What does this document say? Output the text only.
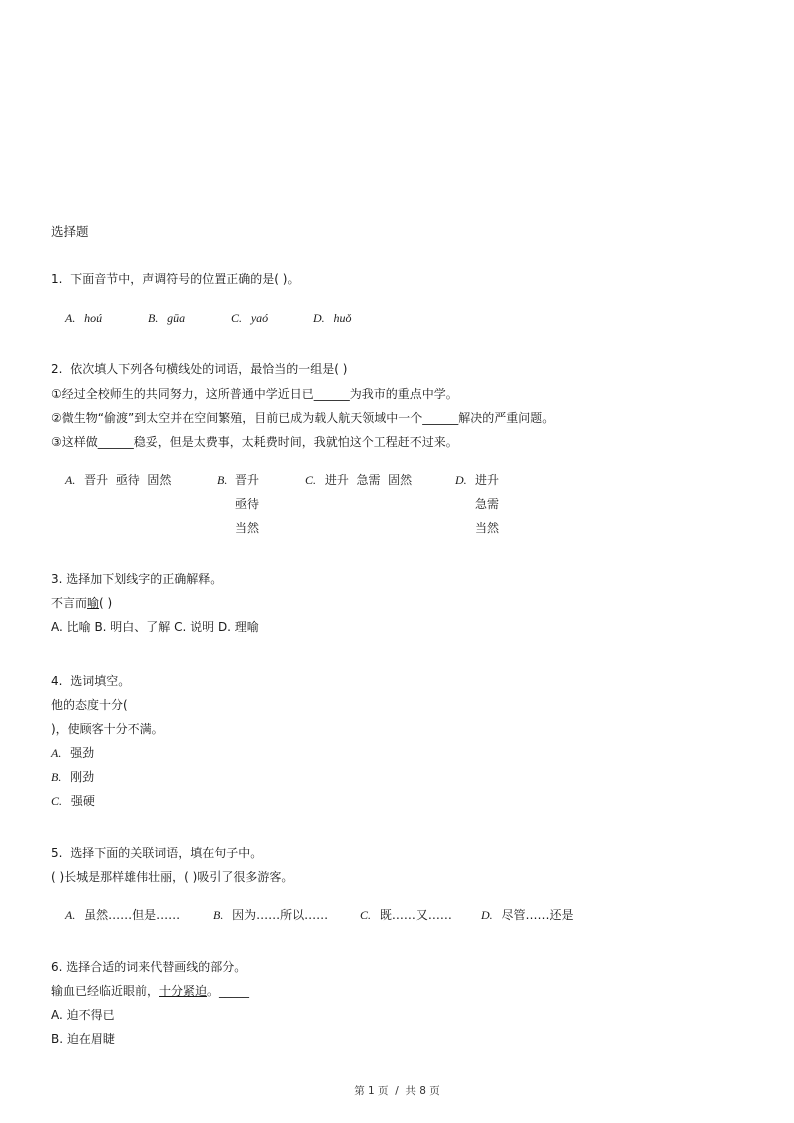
选择题
1. 下面音节中，声调符号的位置正确的是( )。
A. hoú	B. gūa	C. yaó	D. huǒ
2. 依次填人下列各句横线处的词语，最恰当的一组是( )
①经过全校师生的共同努力，这所普通中学近日已______为我市的重点中学。
②微生物“偷渡”到太空并在空间繁殖，目前已成为载人航天领域中一个______解决的严重问题。
③这样做______稳妥，但是太费事，太耗费时间，我就怕这个工程赶不过来。
A. 晋升  亟待  固然	B. 晋升
亟待
当然
C. 进升  急需  固然	D. 进升
急需
当然
3. 选择加下划线字的正确解释。
不言而喻( )
A. 比喻 B. 明白、了解 C. 说明 D. 理喻
4. 选词填空。
他的态度十分(
)，使顾客十分不满。
A. 强劲
B. 刚劲
C. 强硬
5. 选择下面的关联词语，填在句子中。
( )长城是那样雄伟壮丽，( )吸引了很多游客。
A. 虽然……但是……	B. 因为……所以……	C. 既……又…… D. 尽管……还是
6. 选择合适的词来代替画线的部分。
输血已经临近眼前，十分紧迫。_____
A. 迫不得已
B. 迫在眉睫
第 1 页  /  共 8 页
